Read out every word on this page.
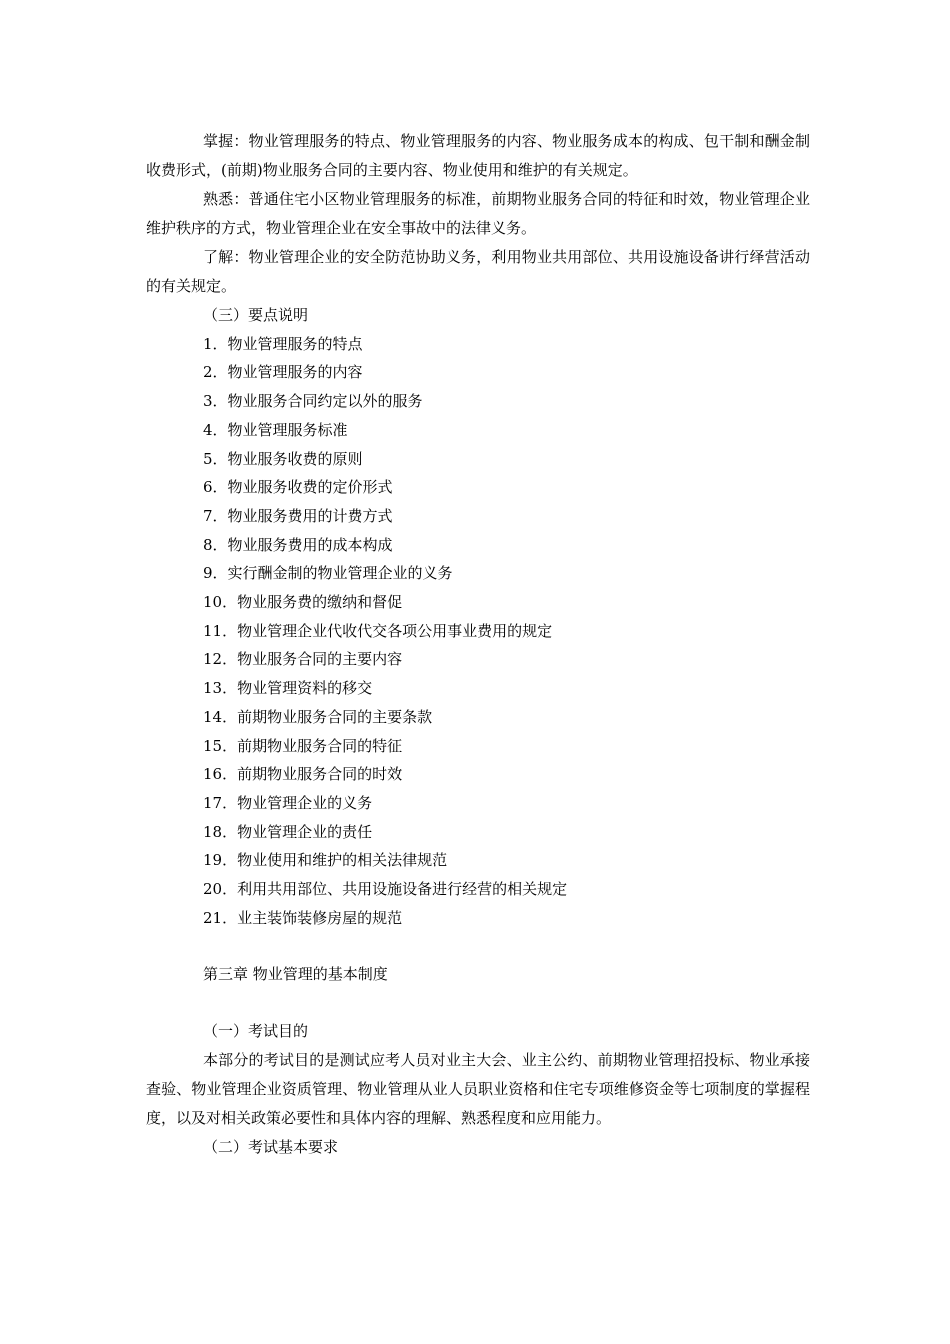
掌握：物业管理服务的特点、物业管理服务的内容、物业服务成本的构成、包干制和酬金制收费形式，(前期)物业服务合同的主要内容、物业使用和维护的有关规定。

熟悉：普通住宅小区物业管理服务的标准，前期物业服务合同的特征和时效，物业管理企业维护秩序的方式，物业管理企业在安全事故中的法律义务。

了解：物业管理企业的安全防范协助义务，利用物业共用部位、共用设施设备讲行绎营活动的有关规定。

（三）要点说明

1．物业管理服务的特点

2．物业管理服务的内容

3．物业服务合同约定以外的服务

4．物业管理服务标准

5．物业服务收费的原则

6．物业服务收费的定价形式

7．物业服务费用的计费方式

8．物业服务费用的成本构成

9．实行酬金制的物业管理企业的义务

10．物业服务费的缴纳和督促

11．物业管理企业代收代交各项公用事业费用的规定

12．物业服务合同的主要内容

13．物业管理资料的移交

14．前期物业服务合同的主要条款

15．前期物业服务合同的特征

16．前期物业服务合同的时效

17．物业管理企业的义务

18．物业管理企业的责任

19．物业使用和维护的相关法律规范

20．利用共用部位、共用设施设备进行经营的相关规定

21．业主装饰装修房屋的规范

第三章 物业管理的基本制度

（一）考试目的

本部分的考试目的是测试应考人员对业主大会、业主公约、前期物业管理招投标、物业承接查验、物业管理企业资质管理、物业管理从业人员职业资格和住宅专项维修资金等七项制度的掌握程度，以及对相关政策必要性和具体内容的理解、熟悉程度和应用能力。

（二）考试基本要求
